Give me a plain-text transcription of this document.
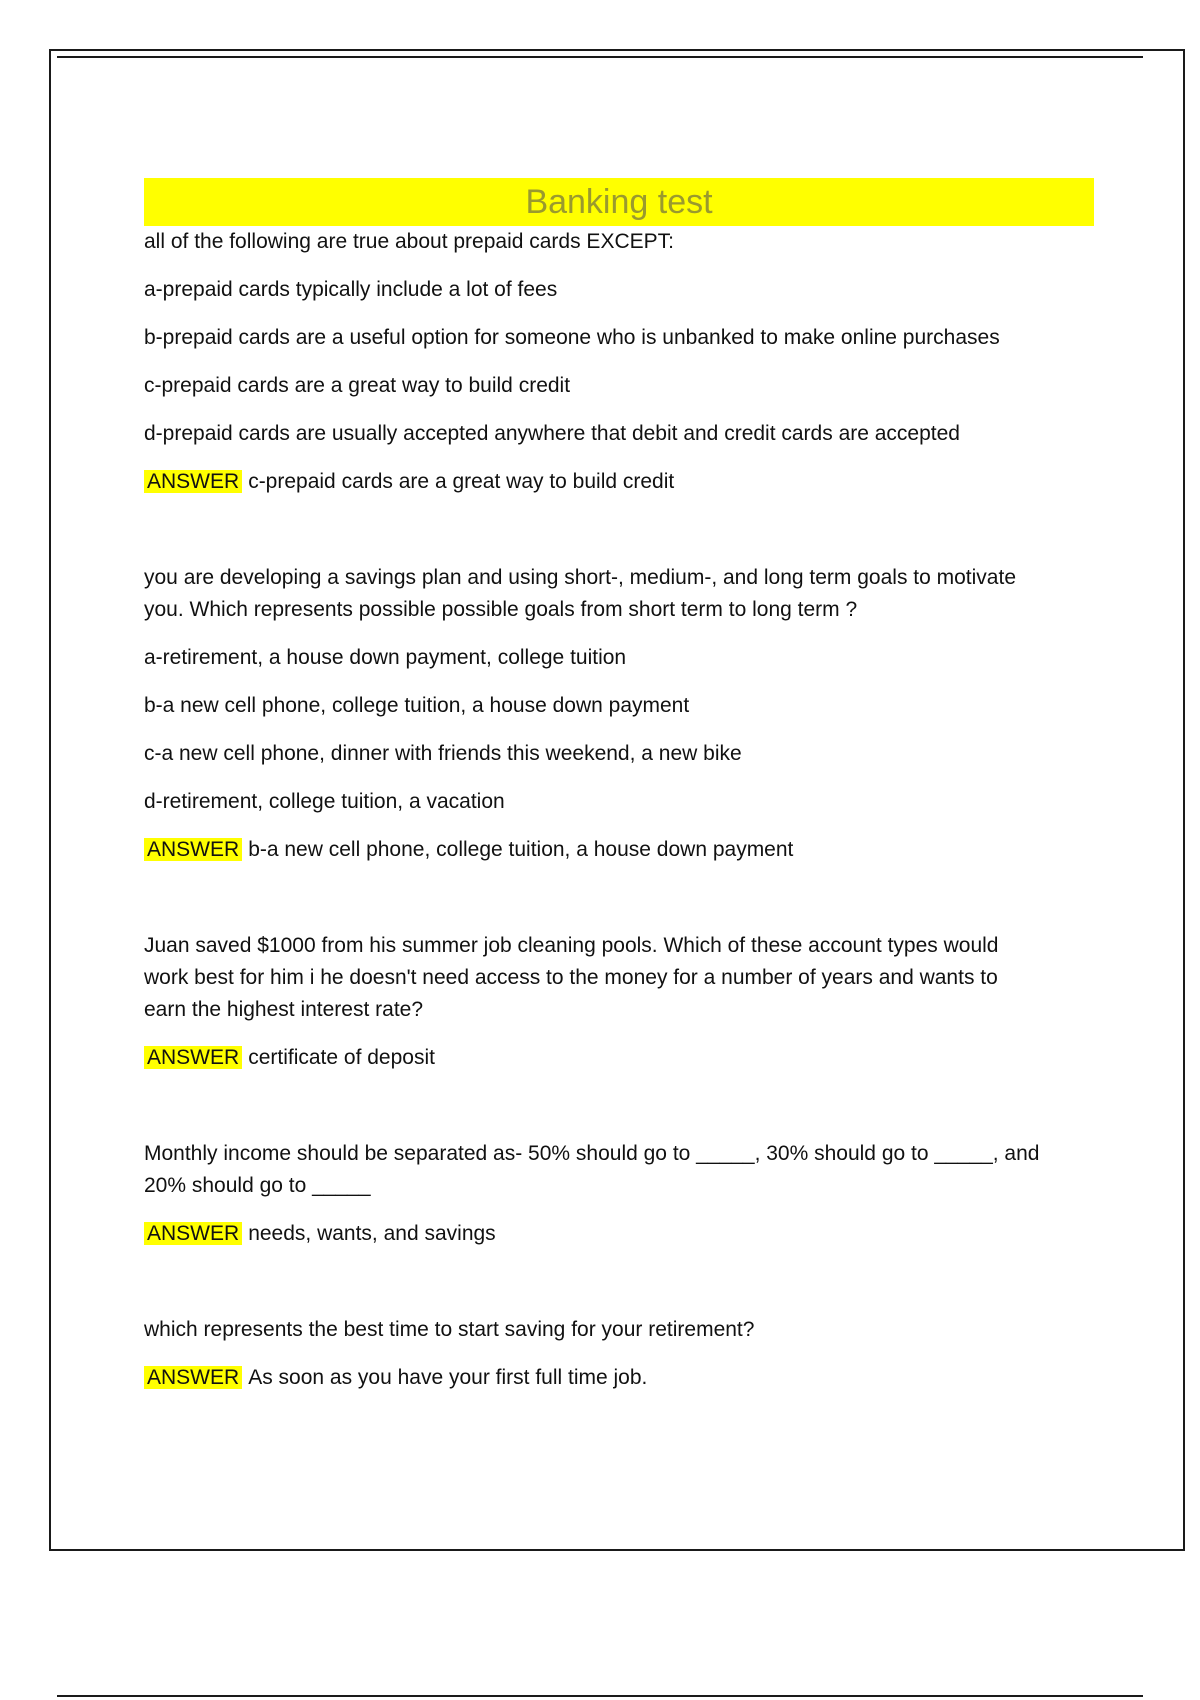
Banking test

all of the following are true about prepaid cards EXCEPT:

a-prepaid cards typically include a lot of fees

b-prepaid cards are a useful option for someone who is unbanked to make online purchases

c-prepaid cards are a great way to build credit

d-prepaid cards are usually accepted anywhere that debit and credit cards are accepted

ANSWER c-prepaid cards are a great way to build credit

you are developing a savings plan and using short-, medium-, and long term goals to motivate

you. Which represents possible possible goals from short term to long term ?

a-retirement, a house down payment, college tuition

b-a new cell phone, college tuition, a house down payment

c-a new cell phone, dinner with friends this weekend, a new bike

d-retirement, college tuition, a vacation

ANSWER b-a new cell phone, college tuition, a house down payment

Juan saved $1000 from his summer job cleaning pools. Which of these account types would

work best for him i he doesn't need access to the money for a number of years and wants to

earn the highest interest rate?

ANSWER certificate of deposit

Monthly income should be separated as- 50% should go to _____, 30% should go to _____, and

20% should go to _____

ANSWER needs, wants, and savings

which represents the best time to start saving for your retirement?

ANSWER As soon as you have your first full time job.
